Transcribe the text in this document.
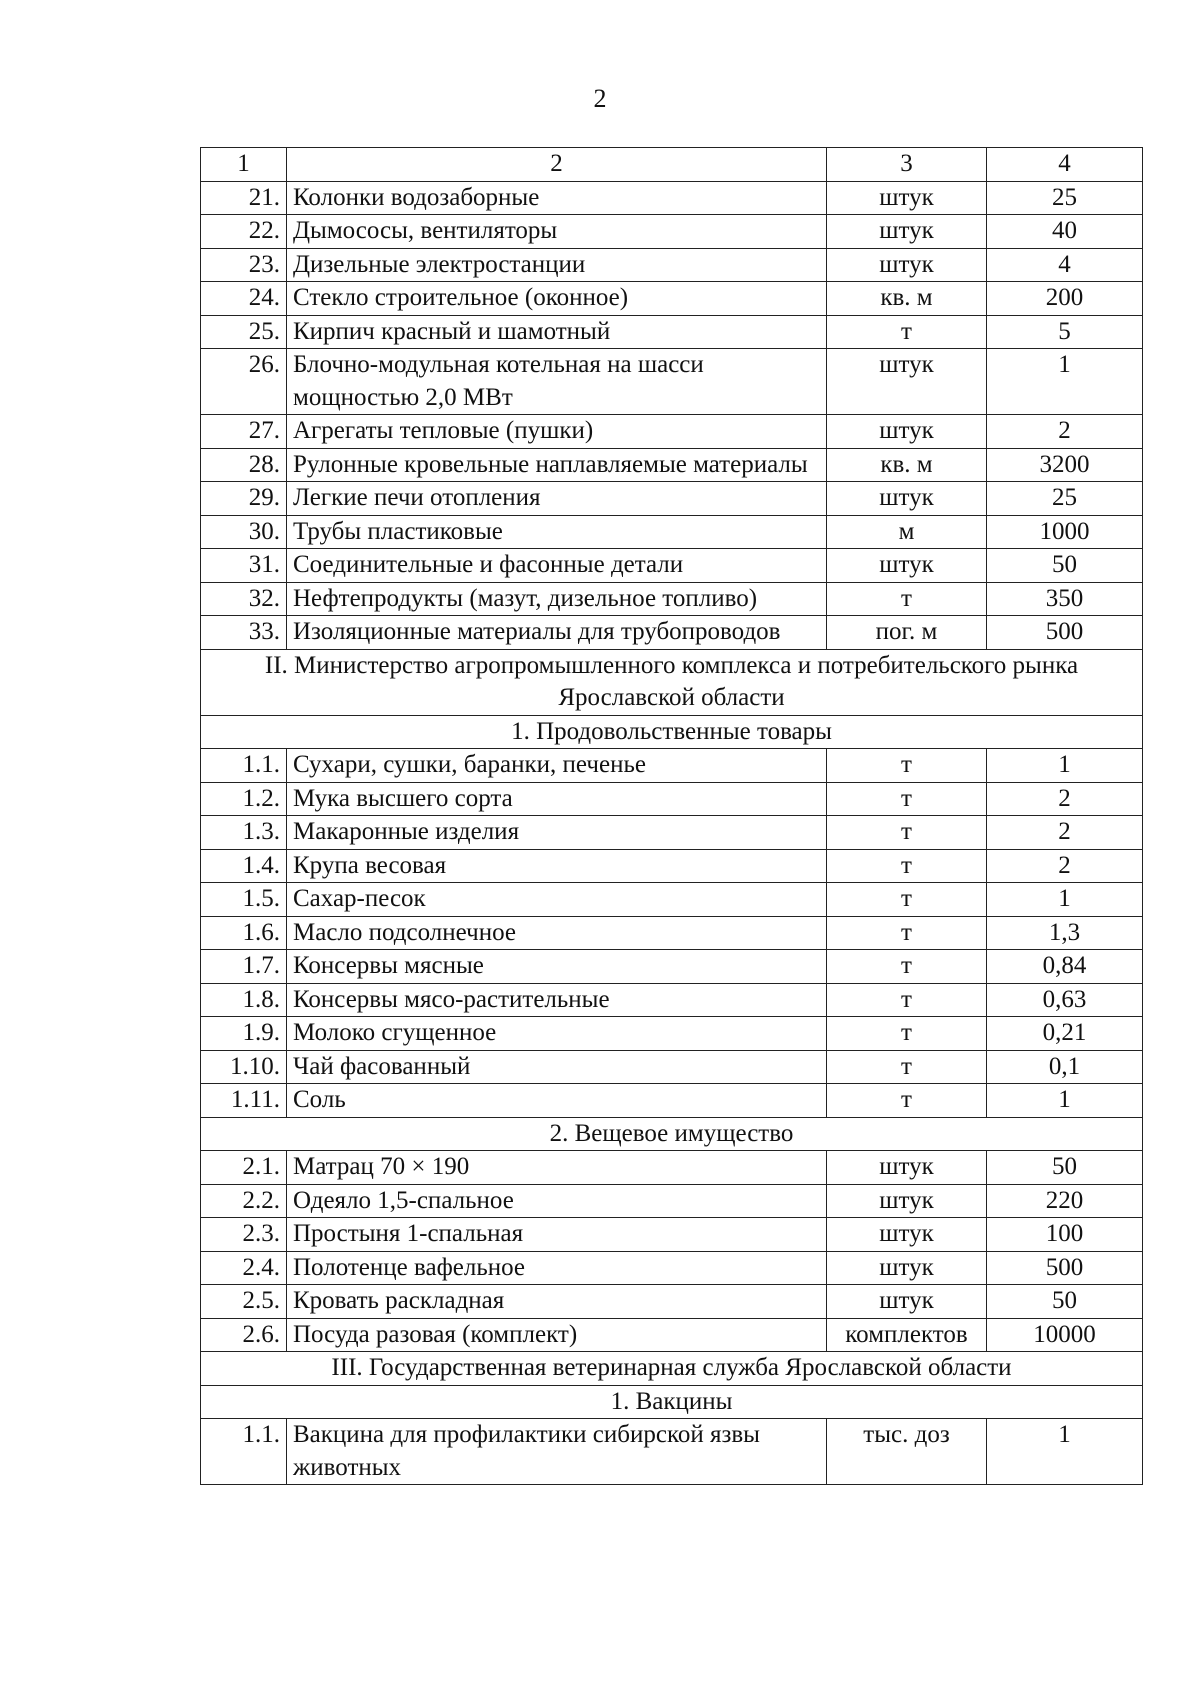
2
1	2	3	4
21.	Колонки водозаборные	штук	25
22.	Дымососы, вентиляторы	штук	40
23.	Дизельные электростанции	штук	4
24.	Стекло строительное (оконное)	кв. м	200
25.	Кирпич красный и шамотный	т	5
26.	Блочно-модульная котельная на шасси мощностью 2,0 МВт	штук	1
27.	Агрегаты тепловые (пушки)	штук	2
28.	Рулонные кровельные наплавляемые материалы	кв. м	3200
29.	Легкие печи отопления	штук	25
30.	Трубы пластиковые	м	1000
31.	Соединительные и фасонные детали	штук	50
32.	Нефтепродукты (мазут, дизельное топливо)	т	350
33.	Изоляционные материалы для трубопроводов	пог. м	500
II. Министерство агропромышленного комплекса и потребительского рынка Ярославской области			
1. Продовольственные товары			
1.1.	Сухари, сушки, баранки, печенье	т	1
1.2.	Мука высшего сорта	т	2
1.3.	Макаронные изделия	т	2
1.4.	Крупа весовая	т	2
1.5.	Сахар-песок	т	1
1.6.	Масло подсолнечное	т	1,3
1.7.	Консервы мясные	т	0,84
1.8.	Консервы мясо-растительные	т	0,63
1.9.	Молоко сгущенное	т	0,21
1.10.	Чай фасованный	т	0,1
1.11.	Соль	т	1
2. Вещевое имущество			
2.1.	Матрац 70 × 190	штук	50
2.2.	Одеяло 1,5-спальное	штук	220
2.3.	Простыня 1-спальная	штук	100
2.4.	Полотенце вафельное	штук	500
2.5.	Кровать раскладная	штук	50
2.6.	Посуда разовая (комплект)	комплектов	10000
III. Государственная ветеринарная служба Ярославской области			
1. Вакцины			
1.1.	Вакцина для профилактики сибирской язвы животных	тыс. доз	1
